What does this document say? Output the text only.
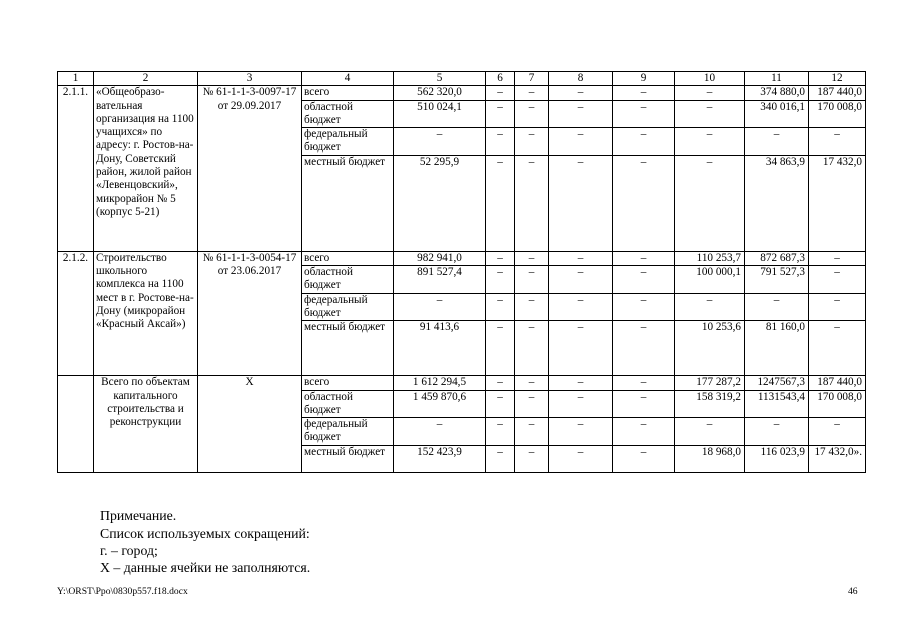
1	2	3	4	5	6	7	8	9	10	11	12
2.1.1.	«Общеобразо-вательная организация на 1100 учащихся» по адресу: г. Ростов-на-Дону, Советский район, жилой район «Левенцовский», микрорайон № 5 (корпус 5-21)	№ 61-1-1-3-0097-17 от 29.09.2017	всего	562 320,0	–	–	–	–	–	374 880,0	187 440,0
			областной бюджет	510 024,1	–	–	–	–	–	340 016,1	170 008,0
			федеральный бюджет	–	–	–	–	–	–	–	–
			местный бюджет	52 295,9	–	–	–	–	–	34 863,9	17 432,0
2.1.2.	Строительство школьного комплекса на 1100 мест в г. Ростове-на-Дону (микрорайон «Красный Аксай»)	№ 61-1-1-3-0054-17 от 23.06.2017	всего	982 941,0	–	–	–	–	110 253,7	872 687,3	–
			областной бюджет	891 527,4	–	–	–	–	100 000,1	791 527,3	–
			федеральный бюджет	–	–	–	–	–	–	–	–
			местный бюджет	91 413,6	–	–	–	–	10 253,6	81 160,0	–
	Всего по объектам капитального строительства и реконструкции	Х	всего	1 612 294,5	–	–	–	–	177 287,2	1247567,3	187 440,0
			областной бюджет	1 459 870,6	–	–	–	–	158 319,2	1131543,4	170 008,0
			федеральный бюджет	–	–	–	–	–	–	–	–
			местный бюджет	152 423,9	–	–	–	–	18 968,0	116 023,9	17 432,0».
Примечание.
Список используемых сокращений:
г. – город;
Х – данные ячейки не заполняются.
Y:\ORST\Ppo\0830p557.f18.docx	46
